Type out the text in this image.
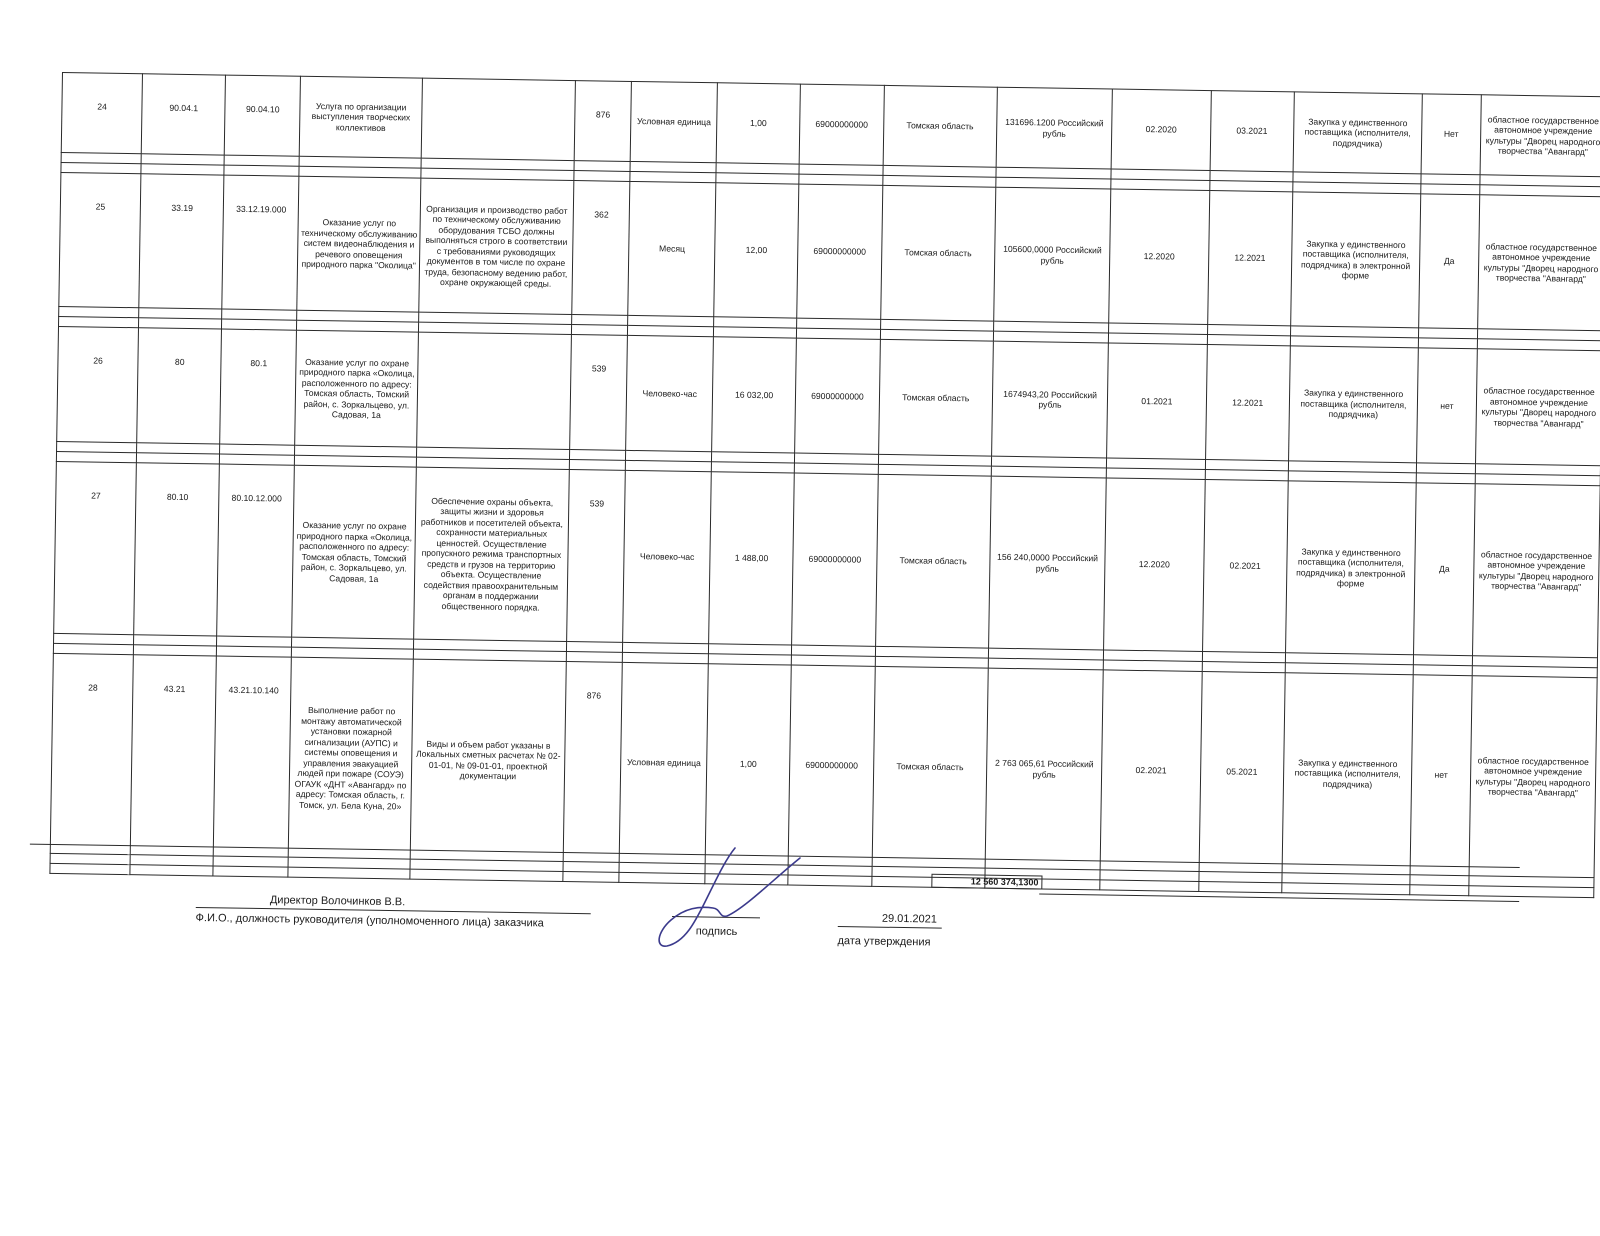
24	90.04.1	90.04.10	Услуга по организации выступления творческих коллективов		876	Условная единица	1,00	69000000000	Томская область	131696.1200 Российский рубль	02.2020	03.2021	Закупка у единственного поставщика (исполнителя, подрядчика)	Нет	областное государственное автономное учреждение культуры "Дворец народного творчества "Авангард"

25	33.19	33.12.19.000	Оказание услуг по техническому обслуживанию систем видеонаблюдения и речевого оповещения природного парка "Околица"	Организация и производство работ по техническому обслуживанию оборудования ТСБО должны выполняться строго в соответствии с требованиями руководящих документов в том числе по охране труда, безопасному ведению работ, охране окружающей среды.	362	Месяц	12,00	69000000000	Томская область	105600,0000 Российский рубль	12.2020	12.2021	Закупка у единственного поставщика (исполнителя, подрядчика) в электронной форме	Да	областное государственное автономное учреждение культуры "Дворец народного творчества "Авангард"

26	80	80.1	Оказание услуг по охране природного парка «Околица, расположенного по адресу: Томская область, Томский район, с. Зоркальцево, ул. Садовая, 1а		539	Человеко-час	16 032,00	69000000000	Томская область	1674943,20 Российский рубль	01.2021	12.2021	Закупка у единственного поставщика (исполнителя, подрядчика)	нет	областное государственное автономное учреждение культуры "Дворец народного творчества "Авангард"

27	80.10	80.10.12.000	Оказание услуг по охране природного парка «Околица, расположенного по адресу: Томская область, Томский район, с. Зоркальцево, ул. Садовая, 1а	Обеспечение охраны объекта, защиты жизни и здоровья работников и посетителей объекта, сохранности материальных ценностей. Осуществление пропускного режима транспортных средств и грузов на территорию объекта. Осуществление содействия правоохранительным органам в поддержании общественного порядка.	539	Человеко-час	1 488,00	69000000000	Томская область	156 240,0000 Российский рубль	12.2020	02.2021	Закупка у единственного поставщика (исполнителя, подрядчика) в электронной форме	Да	областное государственное автономное учреждение культуры "Дворец народного творчества "Авангард"

28	43.21	43.21.10.140	Выполнение работ по монтажу автоматической установки пожарной сигнализации (АУПС) и системы оповещения и управления эвакуацией людей при пожаре (СОУЭ) ОГАУК «ДНТ «Авангард» по адресу: Томская область, г. Томск, ул. Бела Куна, 20»	Виды и объем работ указаны в Локальных сметных расчетах № 02-01-01, № 09-01-01, проектной документации	876	Условная единица	1,00	69000000000	Томская область	2 763 065,61 Российский рубль	02.2021	05.2021	Закупка у единственного поставщика (исполнителя, подрядчика)	нет	областное государственное автономное учреждение культуры "Дворец народного творчества "Авангард"

12 560 374,1300
Директор Волочинков В.В.
Ф.И.О., должность руководителя (уполномоченного лица) заказчика
подпись
29.01.2021
дата утверждения
